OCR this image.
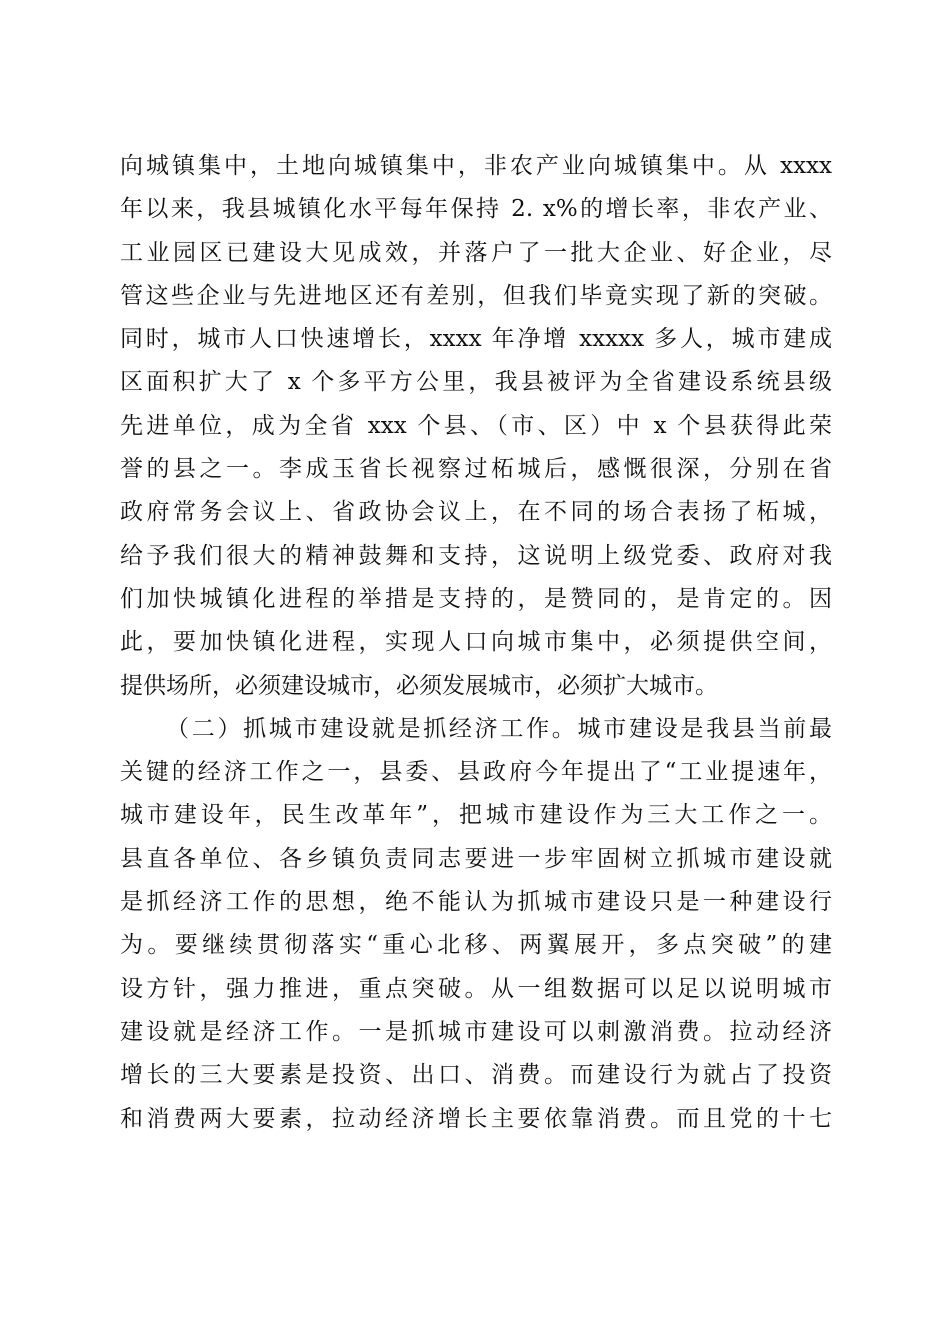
向城镇集中，土地向城镇集中，非农产业向城镇集中。从 xxxx
年以来，我县城镇化水平每年保持 2. x%的增长率，非农产业、
工业园区已建设大见成效，并落户了一批大企业、好企业，尽
管这些企业与先进地区还有差别，但我们毕竟实现了新的突破。
同时，城市人口快速增长，xxxx 年净增 xxxxx 多人，城市建成
区面积扩大了 x 个多平方公里，我县被评为全省建设系统县级
先进单位，成为全省 xxx 个县、（市、区）中 x 个县获得此荣
誉的县之一。李成玉省长视察过柘城后，感慨很深，分别在省
政府常务会议上、省政协会议上，在不同的场合表扬了柘城，
给予我们很大的精神鼓舞和支持，这说明上级党委、政府对我
们加快城镇化进程的举措是支持的，是赞同的，是肯定的。因
此，要加快镇化进程，实现人口向城市集中，必须提供空间，
提供场所，必须建设城市，必须发展城市，必须扩大城市。
（二）抓城市建设就是抓经济工作。城市建设是我县当前最
关键的经济工作之一，县委、县政府今年提出了“工业提速年，
城市建设年，民生改革年”，把城市建设作为三大工作之一。
县直各单位、各乡镇负责同志要进一步牢固树立抓城市建设就
是抓经济工作的思想，绝不能认为抓城市建设只是一种建设行
为。要继续贯彻落实“重心北移、两翼展开，多点突破”的建
设方针，强力推进，重点突破。从一组数据可以足以说明城市
建设就是经济工作。一是抓城市建设可以刺激消费。拉动经济
增长的三大要素是投资、出口、消费。而建设行为就占了投资
和消费两大要素，拉动经济增长主要依靠消费。而且党的十七
